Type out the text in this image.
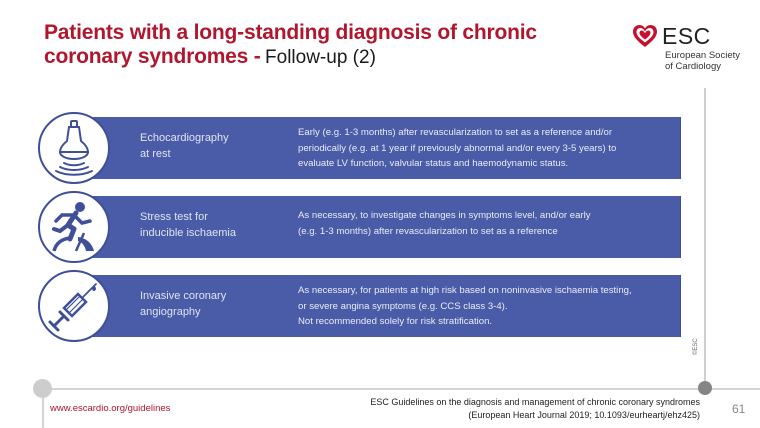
Patients with a long-standing diagnosis of chronic
coronary syndromes - Follow-up (2)
ESC
European Society
of Cardiology
©ESC
Echocardiography
at rest
Early (e.g. 1-3 months) after revascularization to set as a reference and/or
periodically (e.g. at 1 year if previously abnormal and/or every 3-5 years) to
evaluate LV function, valvular status and haemodynamic status.
Stress test for
inducible ischaemia
As necessary, to investigate changes in symptoms level, and/or early
(e.g. 1-3 months) after revascularization to set as a reference
Invasive coronary
angiography
As necessary, for patients at high risk based on noninvasive ischaemia testing,
or severe angina symptoms (e.g. CCS class 3-4).
Not recommended solely for risk stratification.
www.escardio.org/guidelines
ESC Guidelines on the diagnosis and management of chronic coronary syndromes
(European Heart Journal 2019; 10.1093/eurheartj/ehz425)	61
